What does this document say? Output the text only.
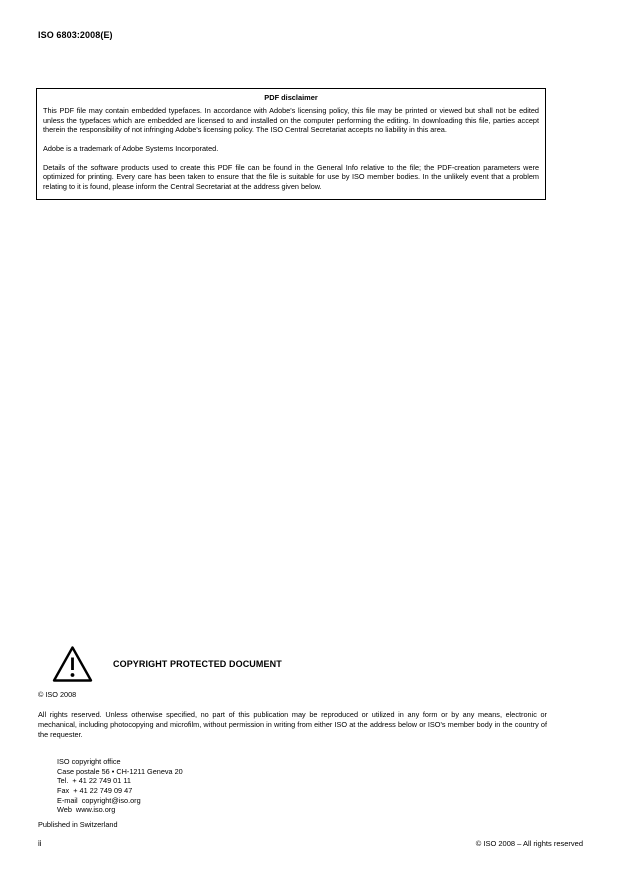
ISO 6803:2008(E)
PDF disclaimer

This PDF file may contain embedded typefaces. In accordance with Adobe's licensing policy, this file may be printed or viewed but shall not be edited unless the typefaces which are embedded are licensed to and installed on the computer performing the editing. In downloading this file, parties accept therein the responsibility of not infringing Adobe's licensing policy. The ISO Central Secretariat accepts no liability in this area.

Adobe is a trademark of Adobe Systems Incorporated.

Details of the software products used to create this PDF file can be found in the General Info relative to the file; the PDF-creation parameters were optimized for printing. Every care has been taken to ensure that the file is suitable for use by ISO member bodies. In the unlikely event that a problem relating to it is found, please inform the Central Secretariat at the address given below.

COPYRIGHT PROTECTED DOCUMENT
© ISO 2008

All rights reserved. Unless otherwise specified, no part of this publication may be reproduced or utilized in any form or by any means, electronic or mechanical, including photocopying and microfilm, without permission in writing from either ISO at the address below or ISO's member body in the country of the requester.

ISO copyright office
Case postale 56 • CH-1211 Geneva 20
Tel.  + 41 22 749 01 11
Fax  + 41 22 749 09 47
E-mail  copyright@iso.org
Web  www.iso.org
Published in Switzerland
ii	© ISO 2008 – All rights reserved
